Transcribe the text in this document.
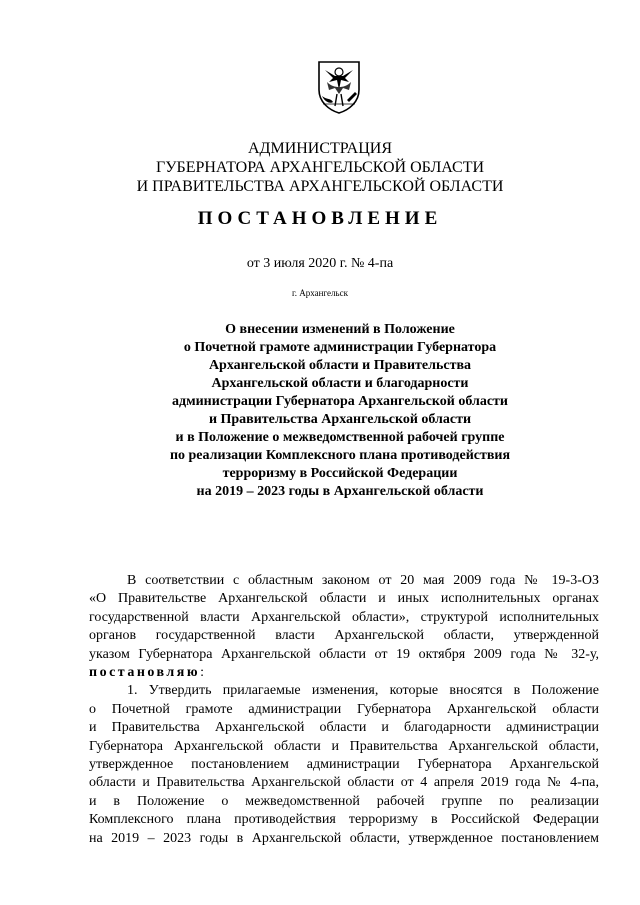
АДМИНИСТРАЦИЯ
ГУБЕРНАТОРА АРХАНГЕЛЬСКОЙ ОБЛАСТИ
И ПРАВИТЕЛЬСТВА АРХАНГЕЛЬСКОЙ ОБЛАСТИ
ПОСТАНОВЛЕНИЕ
от 3 июля 2020 г. № 4-па
г. Архангельск
О внесении изменений в Положение
о Почетной грамоте администрации Губернатора
Архангельской области и Правительства
Архангельской области и благодарности
администрации Губернатора Архангельской области
и Правительства Архангельской области
и в Положение о межведомственной рабочей группе
по реализации Комплексного плана противодействия
терроризму в Российской Федерации
на 2019 – 2023 годы в Архангельской области
В соответствии с областным законом от 20 мая 2009 года № 19-3-ОЗ
«О Правительстве Архангельской области и иных исполнительных органах
государственной власти Архангельской области», структурой исполнительных
органов государственной власти Архангельской области, утвержденной
указом Губернатора Архангельской области от 19 октября 2009 года № 32-у,
постановляю:
1. Утвердить прилагаемые изменения, которые вносятся в Положение
о Почетной грамоте администрации Губернатора Архангельской области
и Правительства Архангельской области и благодарности администрации
Губернатора Архангельской области и Правительства Архангельской области,
утвержденное постановлением администрации Губернатора Архангельской
области и Правительства Архангельской области от 4 апреля 2019 года № 4-па,
и в Положение о межведомственной рабочей группе по реализации
Комплексного плана противодействия терроризму в Российской Федерации
на 2019 – 2023 годы в Архангельской области, утвержденное постановлением
